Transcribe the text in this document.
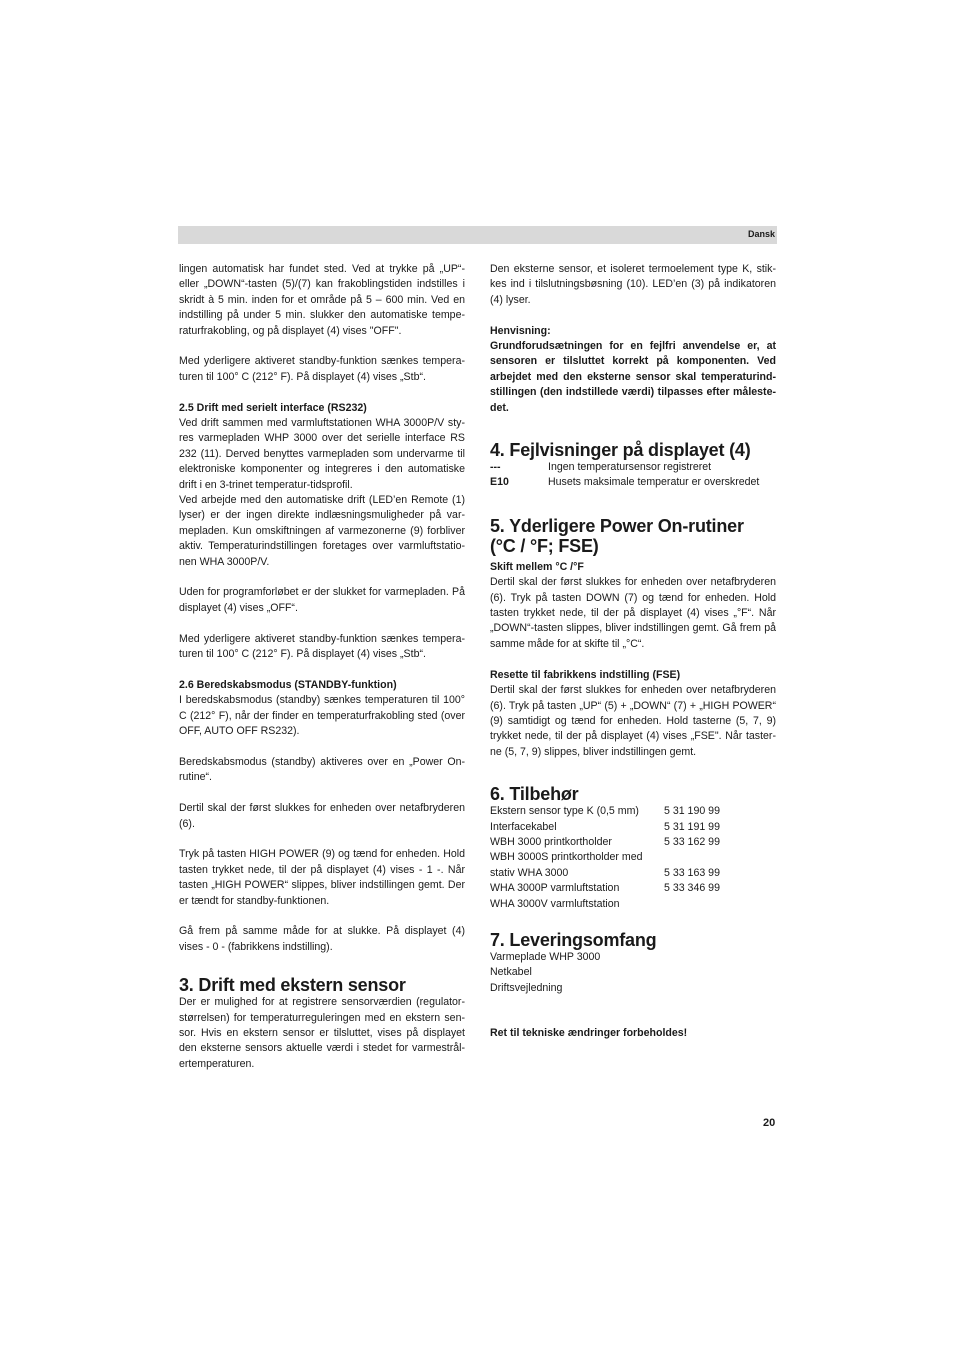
Dansk

lingen automatisk har fundet sted. Ved at trykke på „UP“- eller „DOWN“-tasten (5)/(7) kan frakoblingstiden indstilles i skridt à 5 min. inden for et område på 5 – 600 min. Ved en indstilling på under 5 min. slukker den automatiske tempe-raturfrakobling, og på displayet (4) vises "OFF".

Med yderligere aktiveret standby-funktion sænkes tempera-turen til 100° C (212° F). På displayet (4) vises „Stb“.

2.5 Drift med serielt interface (RS232)

Ved drift sammen med varmluftstationen WHA 3000P/V sty-res varmepladen WHP 3000 over det serielle interface RS 232 (11). Derved benyttes varmepladen som undervarme til elektroniske komponenter og integreres i den automatiske drift i en 3-trinet temperatur-tidsprofil.

Ved arbejde med den automatiske drift (LED’en Remote (1) lyser) er der ingen direkte indlæsningsmuligheder på var-mepladen. Kun omskiftningen af varmezonerne (9) forbliver aktiv. Temperaturindstillingen foretages over varmluftstatio-nen WHA 3000P/V.

Uden for programforløbet er der slukket for varmepladen. På displayet (4) vises „OFF“.

Med yderligere aktiveret standby-funktion sænkes tempera-turen til 100° C (212° F). På displayet (4) vises „Stb“.

2.6 Beredskabsmodus (STANDBY-funktion)

I beredskabsmodus (standby) sænkes temperaturen til 100° C (212° F), når der finder en temperaturfrakobling sted (over OFF, AUTO OFF RS232).

Beredskabsmodus (standby) aktiveres over en „Power On-rutine“.

Dertil skal der først slukkes for enheden over netafbryderen (6).

Tryk på tasten HIGH POWER (9) og tænd for enheden. Hold tasten trykket nede, til der på displayet (4) vises - 1 -. Når tasten „HIGH POWER“ slippes, bliver indstillingen gemt. Der er tændt for standby-funktionen.

Gå frem på samme måde for at slukke. På displayet (4) vises - 0 - (fabrikkens indstilling).

3. Drift med ekstern sensor

Der er mulighed for at registrere sensorværdien (regulator-størrelsen) for temperaturreguleringen med en ekstern sen-sor. Hvis en ekstern sensor er tilsluttet, vises på displayet den eksterne sensors aktuelle værdi i stedet for varmestrål-ertemperaturen.

Den eksterne sensor, et isoleret termoelement type K, stik-kes ind i tilslutningsbøsning (10). LED’en (3) på indikatoren (4) lyser.

Henvisning:

Grundforudsætningen for en fejlfri anvendelse er, at sensoren er tilsluttet korrekt på komponenten. Ved arbejdet med den eksterne sensor skal temperaturind-stillingen (den indstillede værdi) tilpasses efter måleste-det.

4. Fejlvisninger på displayet (4)
---	Ingen temperatursensor registreret
E10	Husets maksimale temperatur er overskredet
5. Yderligere Power On-rutiner
(°C / °F; FSE)

Skift mellem °C /°F

Dertil skal der først slukkes for enheden over netafbryderen (6). Tryk på tasten DOWN (7) og tænd for enheden. Hold tasten trykket nede, til der på displayet (4) vises „°F“. Når „DOWN“-tasten slippes, bliver indstillingen gemt. Gå frem på samme måde for at skifte til „°C“.

Resette til fabrikkens indstilling (FSE)

Dertil skal der først slukkes for enheden over netafbryderen (6). Tryk på tasten „UP“ (5) + „DOWN“ (7) + „HIGH POWER“ (9) samtidigt og tænd for enheden. Hold tasterne (5, 7, 9) trykket nede, til der på displayet (4) vises „FSE". Når taster-ne (5, 7, 9) slippes, bliver indstillingen gemt.

6. Tilbehør
Ekstern sensor type K (0,5 mm)	5 31 190 99
Interfacekabel	5 31 191 99
WBH 3000 printkortholder	5 33 162 99
WBH 3000S printkortholder med
stativ WHA 3000	5 33 163 99
WHA 3000P varmluftstation	5 33 346 99
WHA 3000V varmluftstation
7. Leveringsomfang

Varmeplade WHP 3000

Netkabel

Driftsvejledning

Ret til tekniske ændringer forbeholdes!

20
